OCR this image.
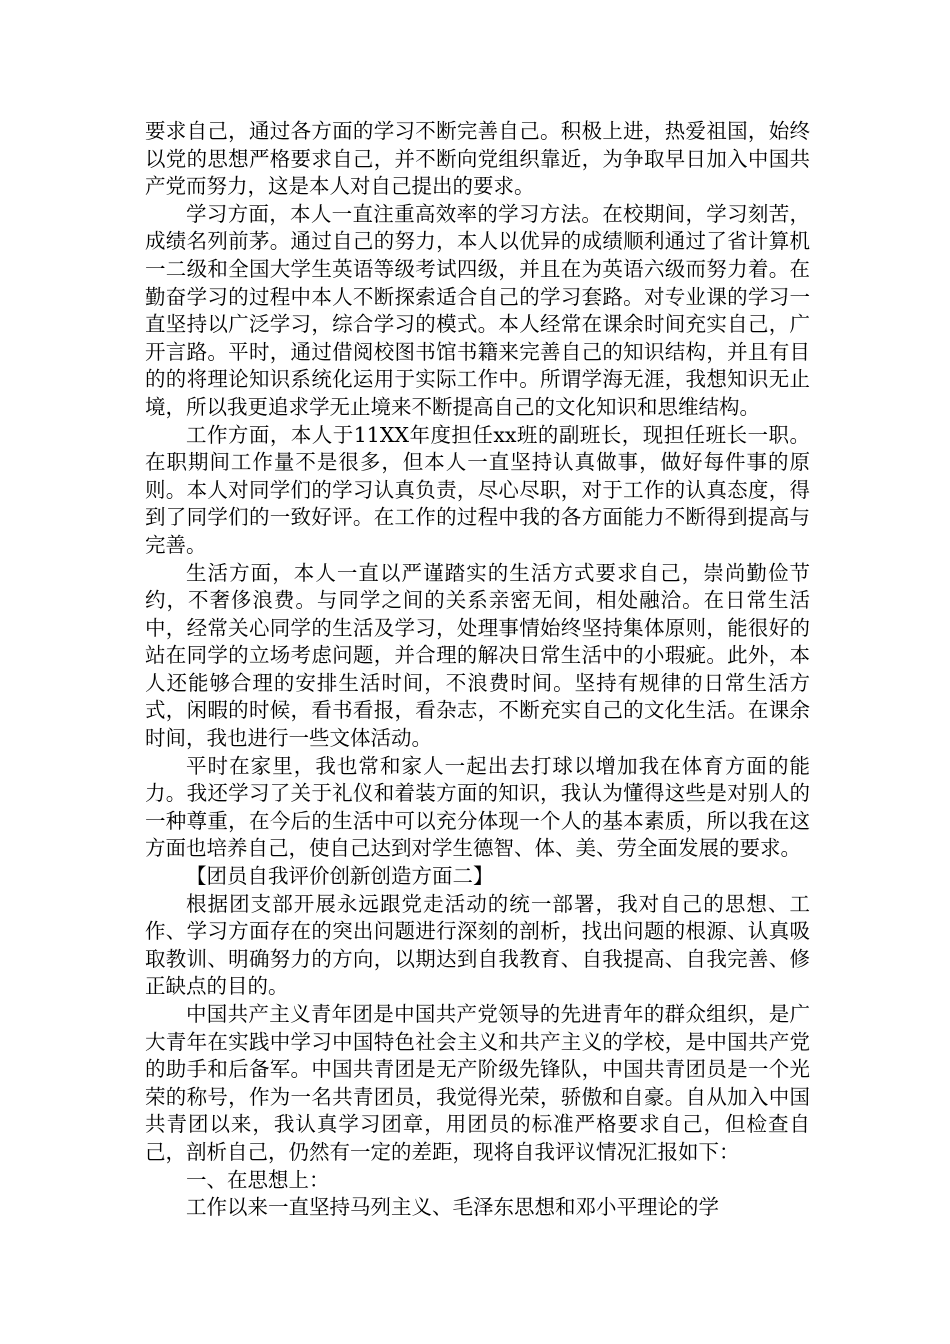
要求自己，通过各方面的学习不断完善自己。积极上进，热爱祖国，始终以党的思想严格要求自己，并不断向党组织靠近，为争取早日加入中国共产党而努力，这是本人对自己提出的要求。

学习方面，本人一直注重高效率的学习方法。在校期间，学习刻苦，成绩名列前茅。通过自己的努力，本人以优异的成绩顺利通过了省计算机一二级和全国大学生英语等级考试四级，并且在为英语六级而努力着。在勤奋学习的过程中本人不断探索适合自己的学习套路。对专业课的学习一直坚持以广泛学习，综合学习的模式。本人经常在课余时间充实自己，广开言路。平时，通过借阅校图书馆书籍来完善自己的知识结构，并且有目的的将理论知识系统化运用于实际工作中。所谓学海无涯，我想知识无止境，所以我更追求学无止境来不断提高自己的文化知识和思维结构。

工作方面，本人于11XX年度担任xx班的副班长，现担任班长一职。在职期间工作量不是很多，但本人一直坚持认真做事，做好每件事的原则。本人对同学们的学习认真负责，尽心尽职，对于工作的认真态度，得到了同学们的一致好评。在工作的过程中我的各方面能力不断得到提高与完善。

生活方面，本人一直以严谨踏实的生活方式要求自己，崇尚勤俭节约，不奢侈浪费。与同学之间的关系亲密无间，相处融洽。在日常生活中，经常关心同学的生活及学习，处理事情始终坚持集体原则，能很好的站在同学的立场考虑问题，并合理的解决日常生活中的小瑕疵。此外，本人还能够合理的安排生活时间，不浪费时间。坚持有规律的日常生活方式，闲暇的时候，看书看报，看杂志，不断充实自己的文化生活。在课余时间，我也进行一些文体活动。

平时在家里，我也常和家人一起出去打球以增加我在体育方面的能力。我还学习了关于礼仪和着装方面的知识，我认为懂得这些是对别人的一种尊重，在今后的生活中可以充分体现一个人的基本素质，所以我在这方面也培养自己，使自己达到对学生德智、体、美、劳全面发展的要求。

【团员自我评价创新创造方面二】

根据团支部开展永远跟党走活动的统一部署，我对自己的思想、工作、学习方面存在的突出问题进行深刻的剖析，找出问题的根源、认真吸取教训、明确努力的方向，以期达到自我教育、自我提高、自我完善、修正缺点的目的。

中国共产主义青年团是中国共产党领导的先进青年的群众组织，是广大青年在实践中学习中国特色社会主义和共产主义的学校，是中国共产党的助手和后备军。中国共青团是无产阶级先锋队，中国共青团员是一个光荣的称号，作为一名共青团员，我觉得光荣，骄傲和自豪。自从加入中国共青团以来，我认真学习团章，用团员的标准严格要求自己，但检查自己，剖析自己，仍然有一定的差距，现将自我评议情况汇报如下：

一、在思想上：

工作以来一直坚持马列主义、毛泽东思想和邓小平理论的学
